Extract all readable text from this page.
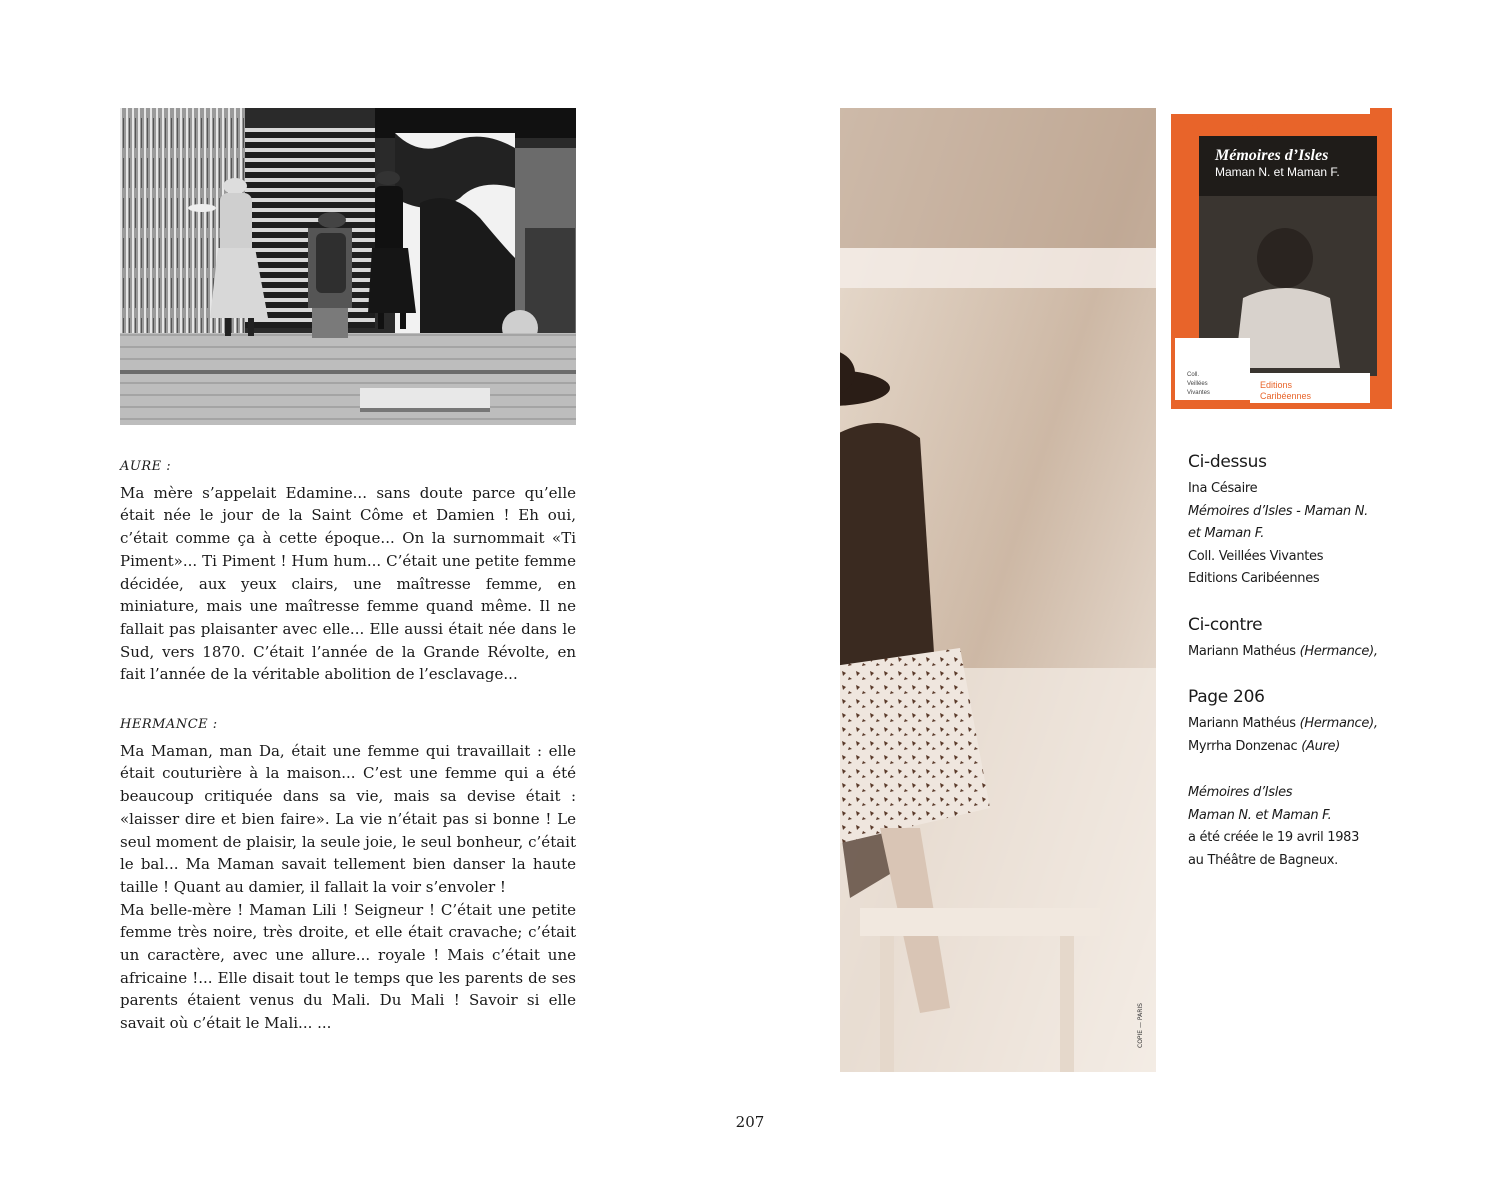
AURE :

Ma mère s’appelait Edamine... sans doute parce qu’elle était née le jour de la Saint Côme et Damien ! Eh oui, c’était comme ça à cette époque... On la surnommait «Ti Piment»... Ti Piment ! Hum hum... C’était une petite femme décidée, aux yeux clairs, une maîtresse femme, en miniature, mais une maîtresse femme quand même. Il ne fallait pas plaisanter avec elle... Elle aussi était née dans le Sud, vers 1870. C’était l’année de la Grande Révolte, en fait l’année de la véritable abolition de l’esclavage...

HERMANCE :

Ma Maman, man Da, était une femme qui travaillait : elle était couturière à la maison... C’est une femme qui a été beaucoup critiquée dans sa vie, mais sa devise était : «laisser dire et bien faire». La vie n’était pas si bonne ! Le seul moment de plaisir, la seule joie, le seul bonheur, c’était le bal... Ma Maman savait tellement bien danser la haute taille ! Quant au damier, il fallait la voir s’envoler !

Ma belle-mère ! Maman Lili ! Seigneur ! C’était une petite femme très noire, très droite, et elle était cravache; c’était un caractère, avec une allure... royale ! Mais c’était une africaine !... Elle disait tout le temps que les parents de ses parents étaient venus du Mali. Du Mali ! Savoir si elle savait où c’était le Mali... ...	COPIE — PARIS
INA CESAIRE
Mémoires d’Isles
Maman N. et Maman F.
Coll.
Veillées
Vivantes
Editions
Caribéennes
Ci-dessus
Ina Césaire
Mémoires d’Isles - Maman N.
et Maman F.
Coll. Veillées Vivantes
Editions Caribéennes
Ci-contre
Mariann Mathéus (Hermance),
Page 206
Mariann Mathéus (Hermance),
Myrrha Donzenac (Aure)
Mémoires d’Isles
Maman N. et Maman F.
a été créée le 19 avril 1983
au Théâtre de Bagneux.
207
